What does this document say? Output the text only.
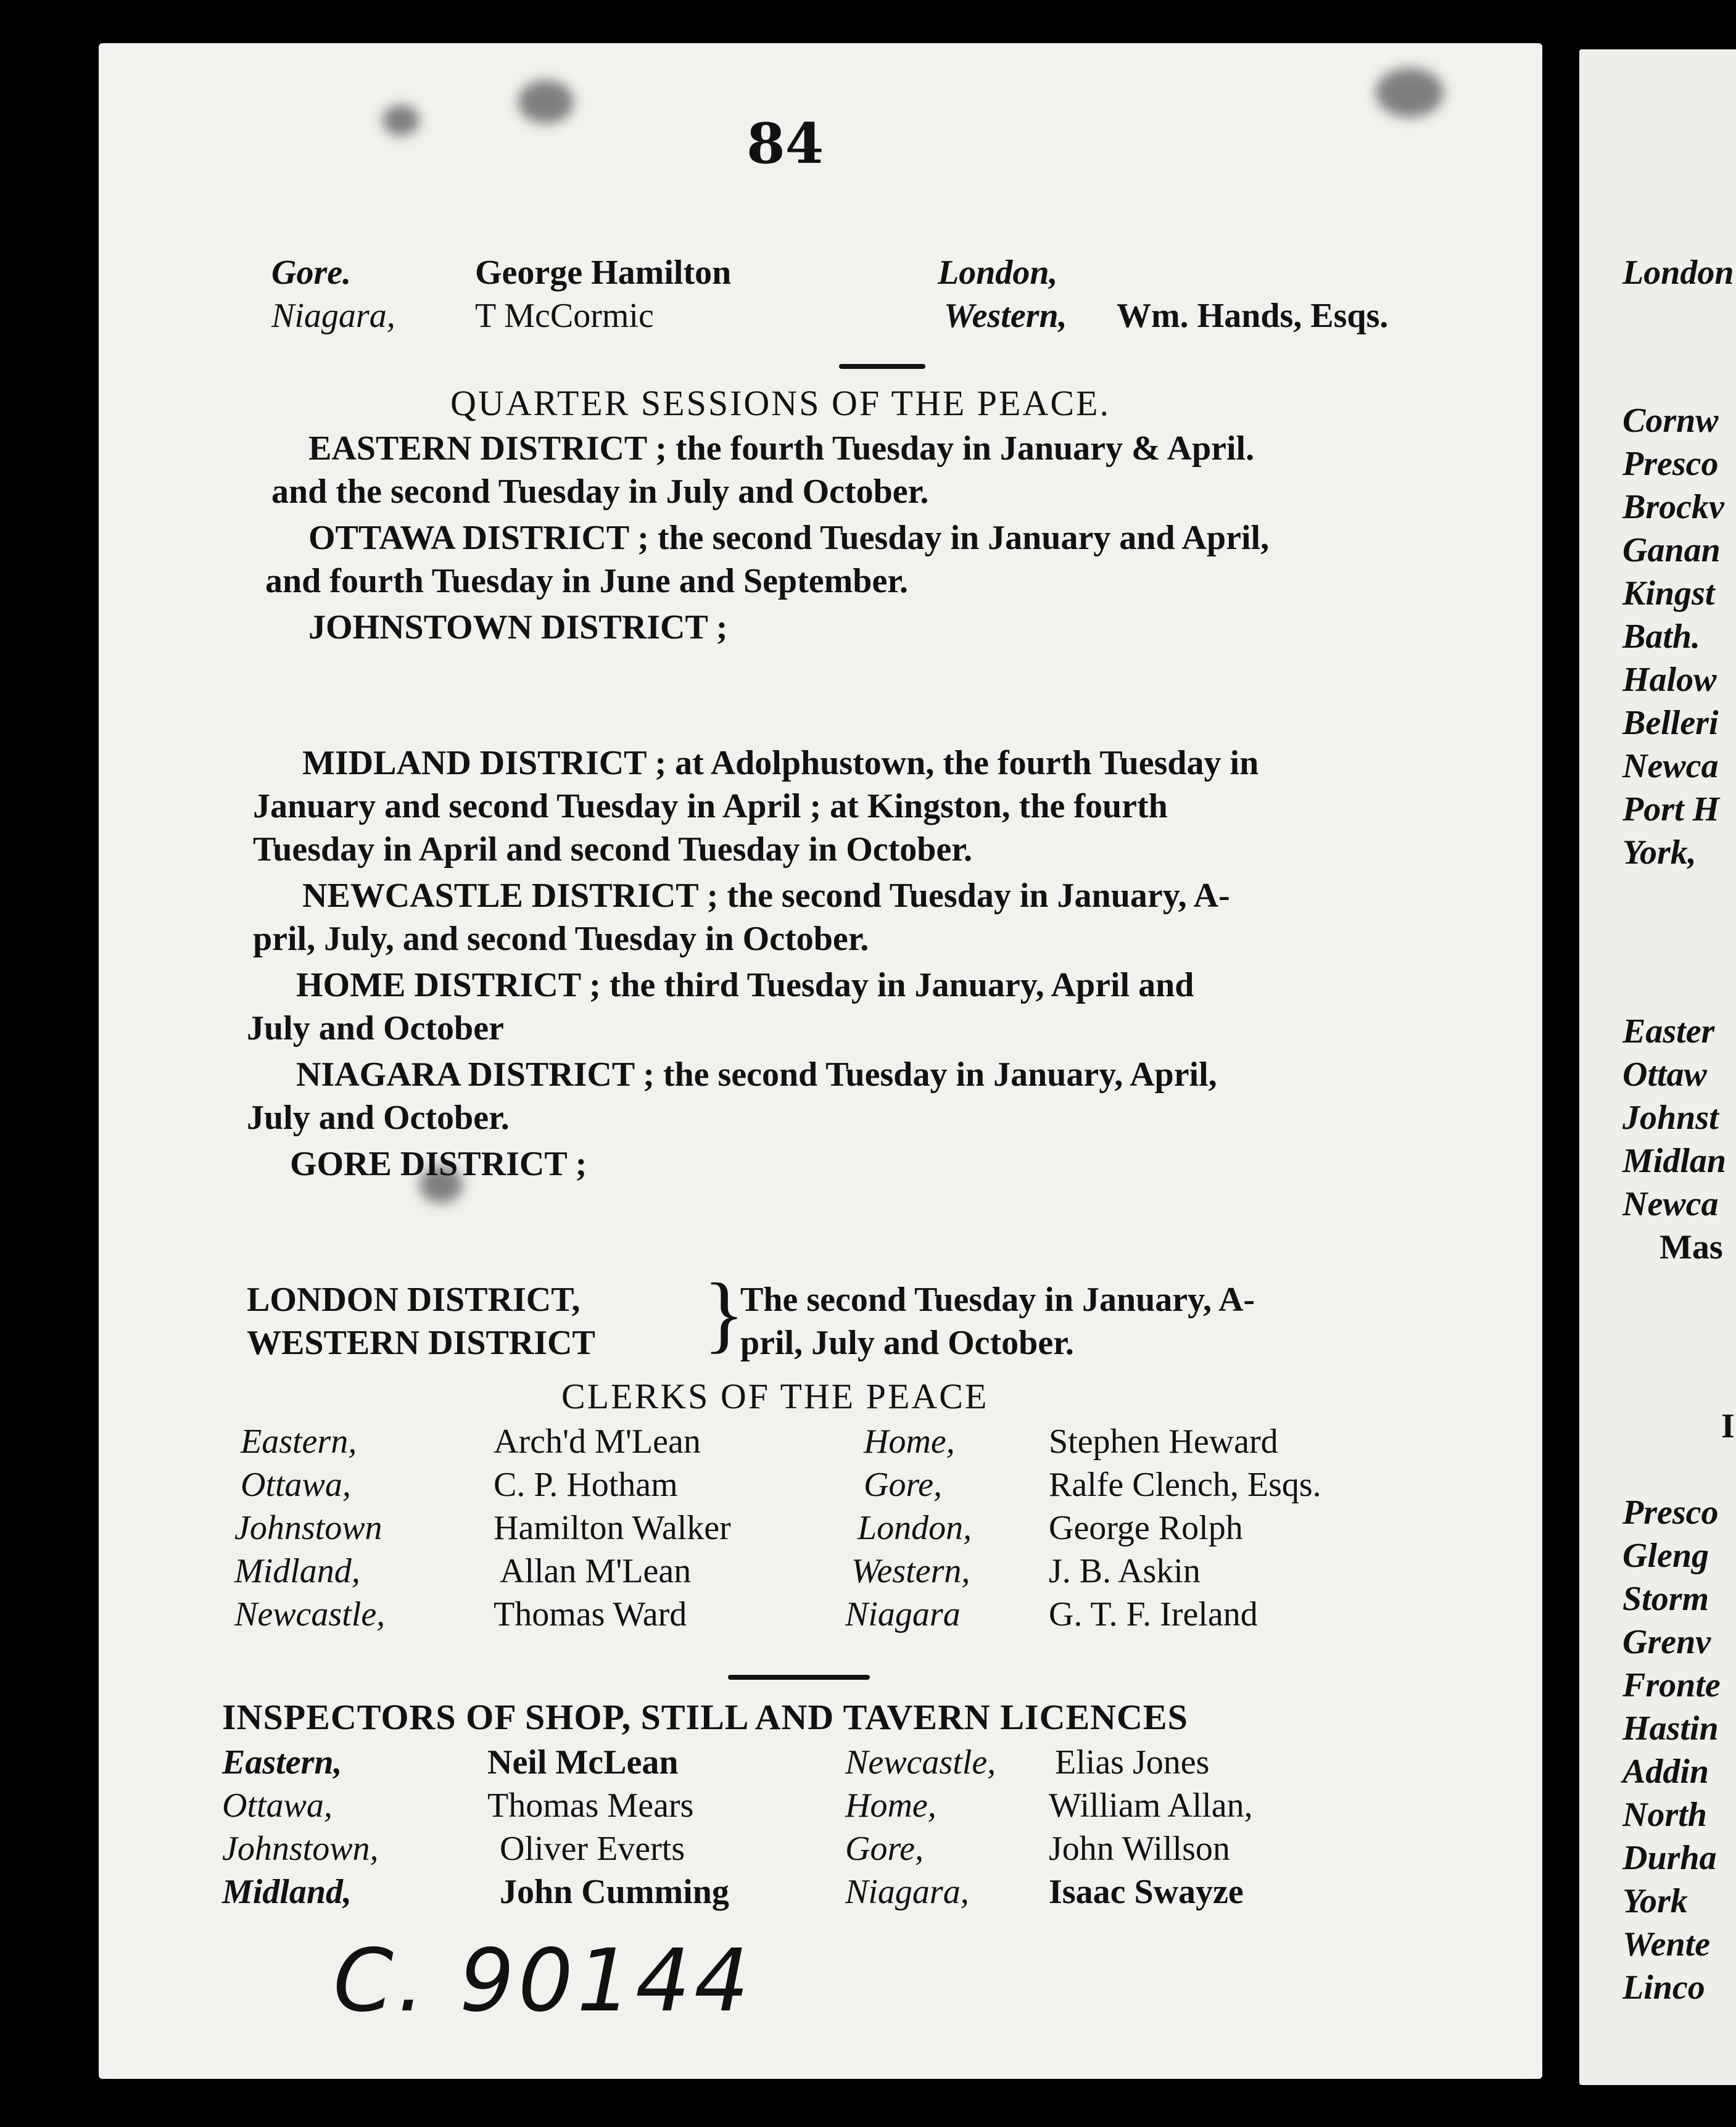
London
Cornw
Presco
Brockv
Ganan
Kingst
Bath.
Halow
Belleri
Newca
Port H
York,
Easter
Ottaw
Johnst
Midlan
Newca
Mas
I
Presco
Gleng
Storm
Grenv
Fronte
Hastin
Addin
North
Durha
York
Wente
Linco
84
Gore.	George Hamilton	London,
Niagara, T McCormic	Western, Wm. Hands, Esqs.
QUARTER SESSIONS OF THE PEACE.
EASTERN DISTRICT ; the fourth Tuesday in January & April.
and the second Tuesday in July and October.
OTTAWA DISTRICT ; the second Tuesday in January and April,
and fourth Tuesday in June and September.
JOHNSTOWN DISTRICT ;
MIDLAND DISTRICT ; at Adolphustown, the fourth Tuesday in
January and second Tuesday in April ; at Kingston, the fourth
Tuesday in April and second Tuesday in October.
NEWCASTLE DISTRICT ; the second Tuesday in January, A-
pril, July, and second Tuesday in October.
HOME DISTRICT ; the third Tuesday in January, April and
July and October
NIAGARA DISTRICT ; the second Tuesday in January, April,
July and October.
GORE DISTRICT ;
LONDON DISTRICT,
WESTERN DISTRICT }
The second Tuesday in January, A-
pril, July and October.
CLERKS OF THE PEACE
Eastern,	Arch'd M'Lean	Home,	Stephen Heward
Ottawa,	C. P. Hotham	Gore,	Ralfe Clench, Esqs.
Johnstown	Hamilton Walker	London, George Rolph
Midland,	Allan M'Lean	Western, J. B. Askin
Newcastle,	Thomas Ward	Niagara	G. T. F. Ireland
INSPECTORS OF SHOP, STILL AND TAVERN LICENCES
Eastern,	Neil McLean	Newcastle, Elias Jones
Ottawa,	Thomas Mears	Home,	William Allan,
Johnstown,	Oliver Everts	Gore,	John Willson
Midland,	John Cumming	Niagara, Isaac Swayze
C. 90144
